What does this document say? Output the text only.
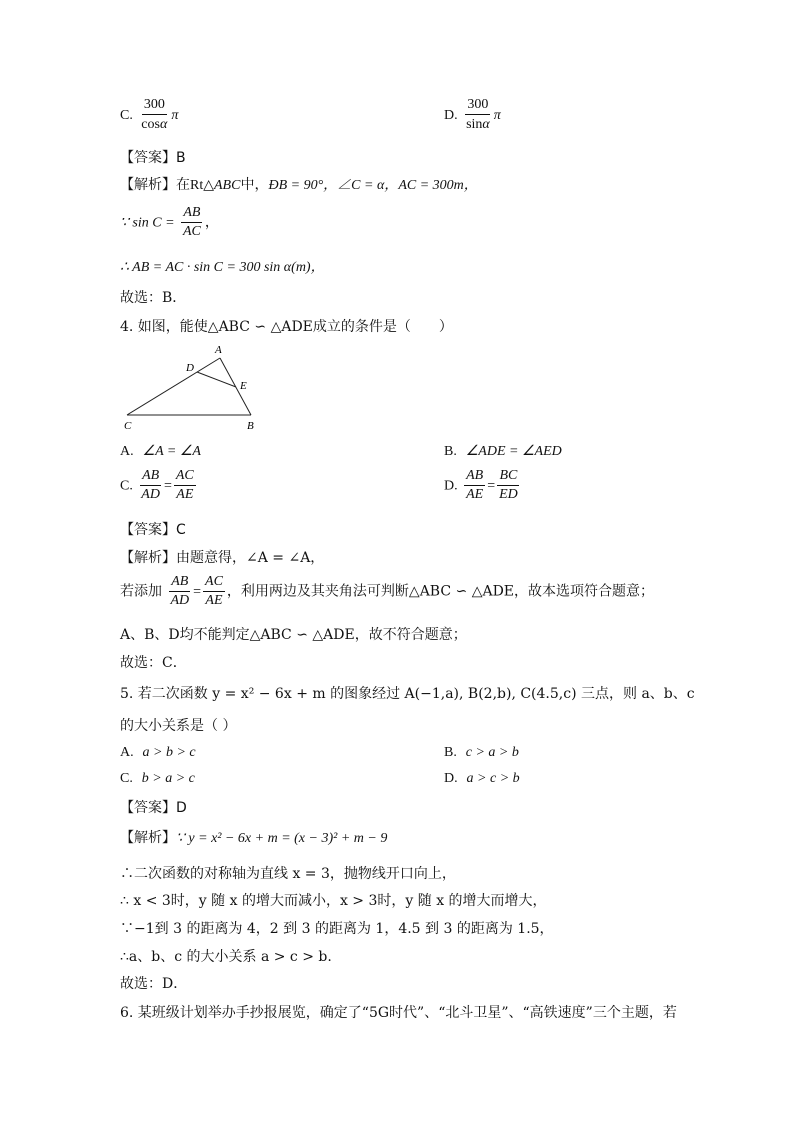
C. $\frac{300}{\cos\alpha}$ π	D. $\frac{300}{\sin\alpha}$ π
【答案】B
【解析】在Rt△ABC中，ÐB = 90°，∠C = α，AC = 300m，
∵ $\sin C = \frac{AB}{AC}$ ，
∴ AB = AC · sin C = 300 sin α(m)，
故选：B．
4. 如图，能使△ABC ∽ △ADE成立的条件是（　　）
A
D
E
C	B
A. ∠A = ∠A	B. ∠ADE = ∠AED
C. $\frac{AB}{AD} = \frac{AC}{AE}$	D. $\frac{AB}{AE} = \frac{BC}{ED}$
【答案】C
【解析】由题意得，∠A = ∠A，
若添加 $\frac{AB}{AD} = \frac{AC}{AE}$ ，利用两边及其夹角法可判断△ABC ∽ △ADE，故本选项符合题意；
A、B、D均不能判定△ABC ∽ △ADE，故不符合题意；
故选：C．
5. 若二次函数 y = x² − 6x + m 的图象经过 A(−1,a), B(2,b), C(4.5,c) 三点，则 a、b、c
的大小关系是（ ）
A. a > b > c	B. c > a > b
C. b > a > c	D. a > c > b
【答案】D
【解析】∵ y = x² − 6x + m = (x − 3)² + m − 9
∴二次函数的对称轴为直线 x = 3，抛物线开口向上，
∴ x < 3时，y 随 x 的增大而减小，x > 3时，y 随 x 的增大而增大，
∵−1到 3 的距离为 4，2 到 3 的距离为 1，4.5 到 3 的距离为 1.5，
∴a、b、c 的大小关系 a > c > b.
故选：D．
6. 某班级计划举办手抄报展览，确定了“5G时代”、“北斗卫星”、“高铁速度”三个主题，若
